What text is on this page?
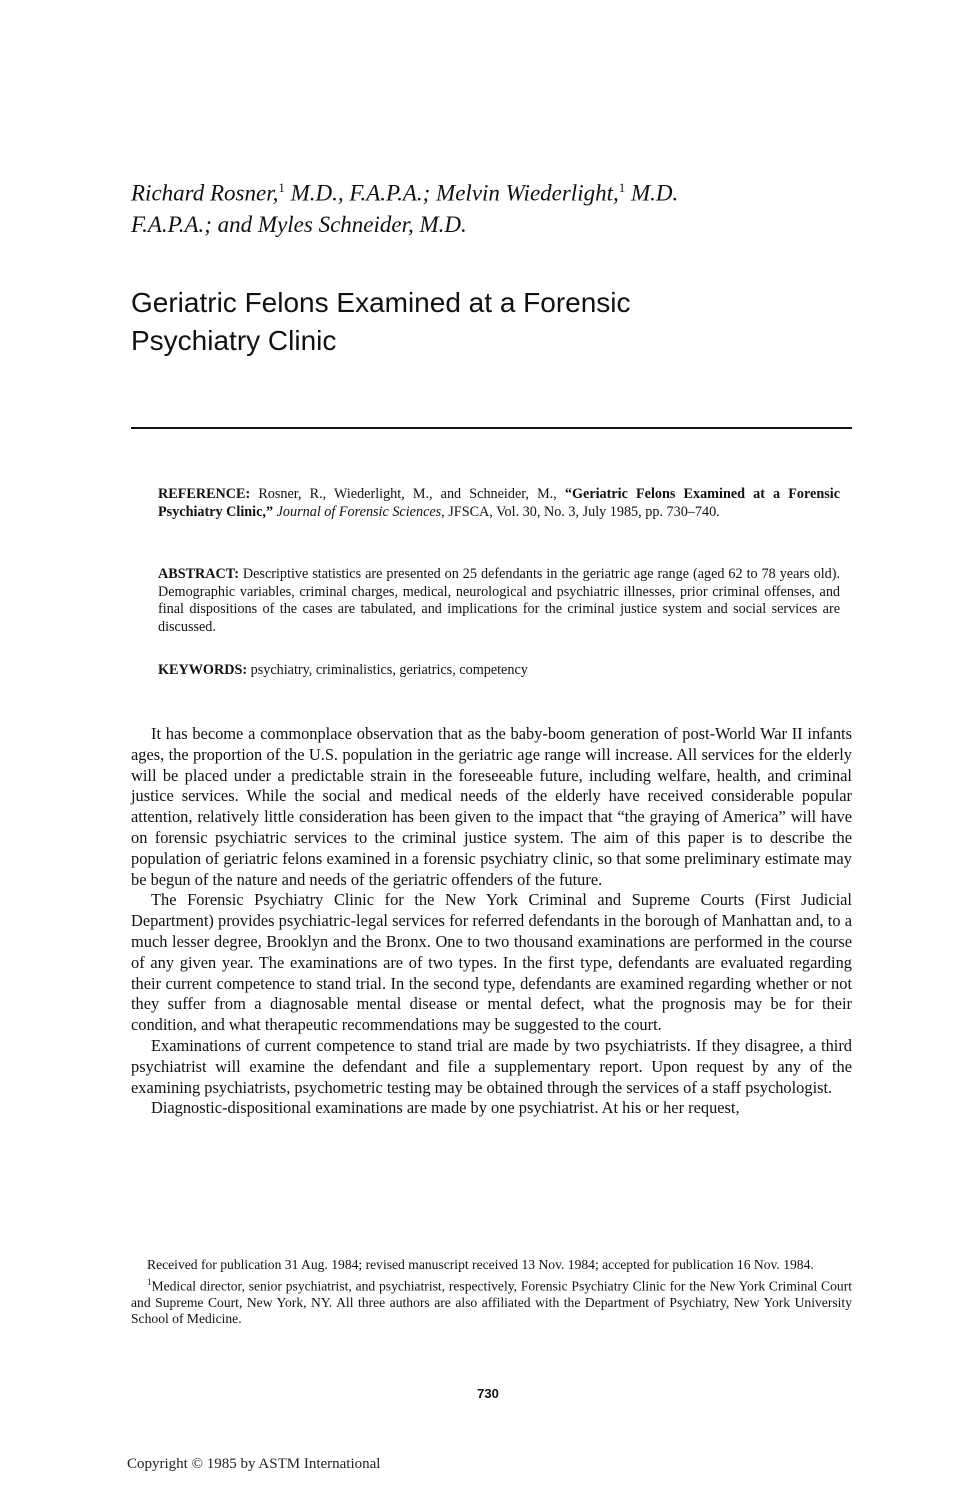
Richard Rosner,$^1$ M.D., F.A.P.A.; Melvin Wiederlight,$^1$ M.D.
F.A.P.A.; and Myles Schneider, M.D.
Geriatric Felons Examined at a Forensic
Psychiatry Clinic
REFERENCE: Rosner, R., Wiederlight, M., and Schneider, M., “Geriatric Felons Examined at a Forensic Psychiatry Clinic,” Journal of Forensic Sciences, JFSCA, Vol. 30, No. 3, July 1985, pp. 730–740.
ABSTRACT: Descriptive statistics are presented on 25 defendants in the geriatric age range (aged 62 to 78 years old). Demographic variables, criminal charges, medical, neurological and psychiatric illnesses, prior criminal offenses, and final dispositions of the cases are tabulated, and implications for the criminal justice system and social services are discussed.
KEYWORDS: psychiatry, criminalistics, geriatrics, competency

It has become a commonplace observation that as the baby-boom generation of post-World War II infants ages, the proportion of the U.S. population in the geriatric age range will increase. All services for the elderly will be placed under a predictable strain in the foreseeable future, including welfare, health, and criminal justice services. While the social and medical needs of the elderly have received considerable popular attention, relatively little consideration has been given to the impact that “the graying of America” will have on forensic psychiatric services to the criminal justice system. The aim of this paper is to describe the population of geriatric felons examined in a forensic psychiatry clinic, so that some preliminary estimate may be begun of the nature and needs of the geriatric offenders of the future.

The Forensic Psychiatry Clinic for the New York Criminal and Supreme Courts (First Judicial Department) provides psychiatric-legal services for referred defendants in the borough of Manhattan and, to a much lesser degree, Brooklyn and the Bronx. One to two thousand examinations are performed in the course of any given year. The examinations are of two types. In the first type, defendants are evaluated regarding their current competence to stand trial. In the second type, defendants are examined regarding whether or not they suffer from a diagnosable mental disease or mental defect, what the prognosis may be for their condition, and what therapeutic recommendations may be suggested to the court.

Examinations of current competence to stand trial are made by two psychiatrists. If they disagree, a third psychiatrist will examine the defendant and file a supplementary report. Upon request by any of the examining psychiatrists, psychometric testing may be obtained through the services of a staff psychologist.

Diagnostic-dispositional examinations are made by one psychiatrist. At his or her request,

Received for publication 31 Aug. 1984; revised manuscript received 13 Nov. 1984; accepted for publication 16 Nov. 1984.

$^1$Medical director, senior psychiatrist, and psychiatrist, respectively, Forensic Psychiatry Clinic for the New York Criminal Court and Supreme Court, New York, NY. All three authors are also affiliated with the Department of Psychiatry, New York University School of Medicine.

730
Copyright © 1985 by ASTM International
